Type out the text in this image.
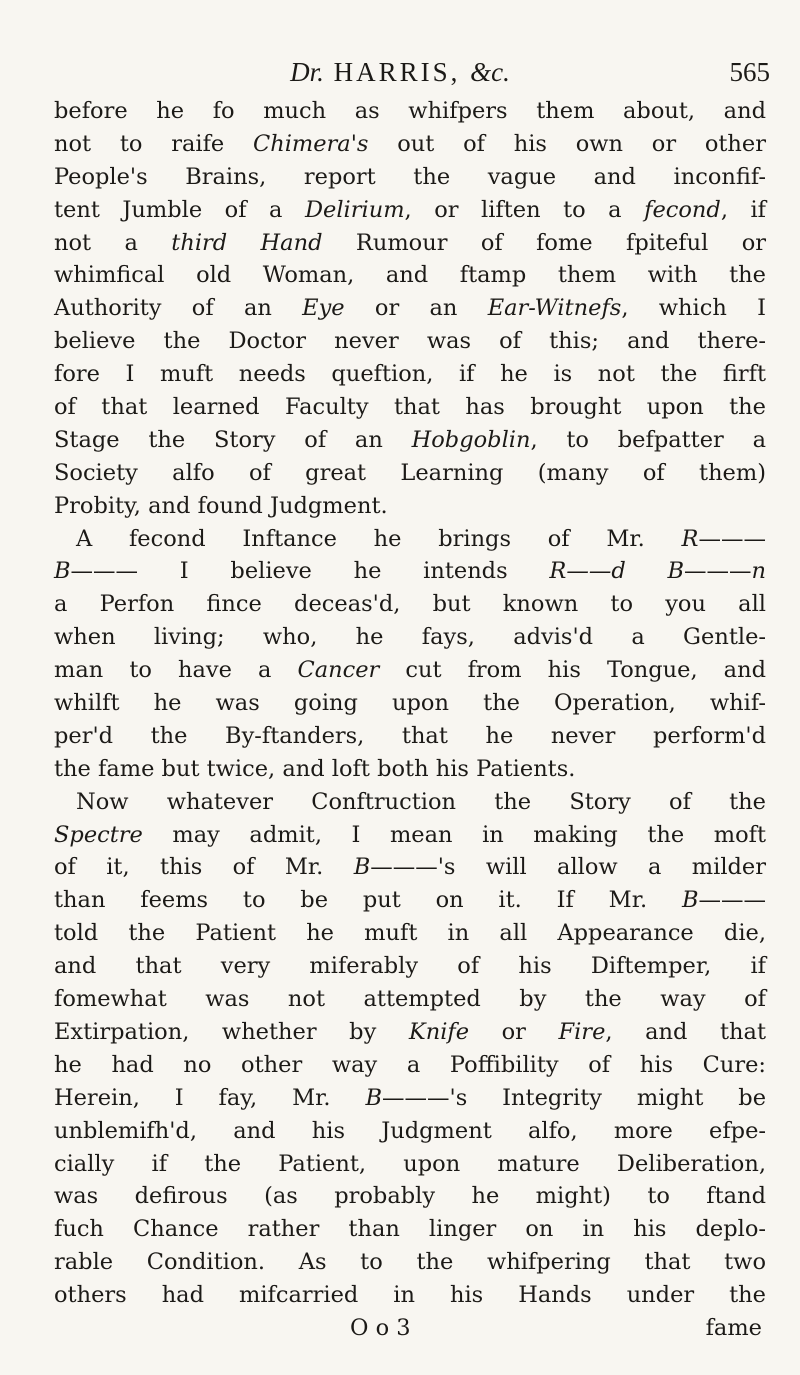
Dr. HARRIS, &c.	565
before he fo much as whifpers them about, and
not to raife Chimera's out of his own or other
People's Brains, report the vague and inconfif-
tent Jumble of a Delirium, or liften to a fecond, if
not a third Hand Rumour of fome fpiteful or
whimfical old Woman, and ftamp them with the
Authority of an Eye or an Ear-Witnefs, which I
believe the Doctor never was of this; and there-
fore I muft needs queftion, if he is not the firft
of that learned Faculty that has brought upon the
Stage the Story of an Hobgoblin, to befpatter a
Society alfo of great Learning (many of them)
Probity, and found Judgment.
A fecond Inftance he brings of Mr. R———
B——— I believe he intends R——d B———n
a Perfon fince deceas'd, but known to you all
when living; who, he fays, advis'd a Gentle-
man to have a Cancer cut from his Tongue, and
whilft he was going upon the Operation, whif-
per'd the By-ftanders, that he never perform'd
the fame but twice, and loft both his Patients.
Now whatever Conftruction the Story of the
Spectre may admit, I mean in making the moft
of it, this of Mr. B———'s will allow a milder
than feems to be put on it. If Mr. B———
told the Patient he muft in all Appearance die,
and that very miferably of his Diftemper, if
fomewhat was not attempted by the way of
Extirpation, whether by Knife or Fire, and that
he had no other way a Poffibility of his Cure:
Herein, I fay, Mr. B———'s Integrity might be
unblemifh'd, and his Judgment alfo, more efpe-
cially if the Patient, upon mature Deliberation,
was defirous (as probably he might) to ftand
fuch Chance rather than linger on in his deplo-
rable Condition. As to the whifpering that two
others had mifcarried in his Hands under the
O o 3	fame
